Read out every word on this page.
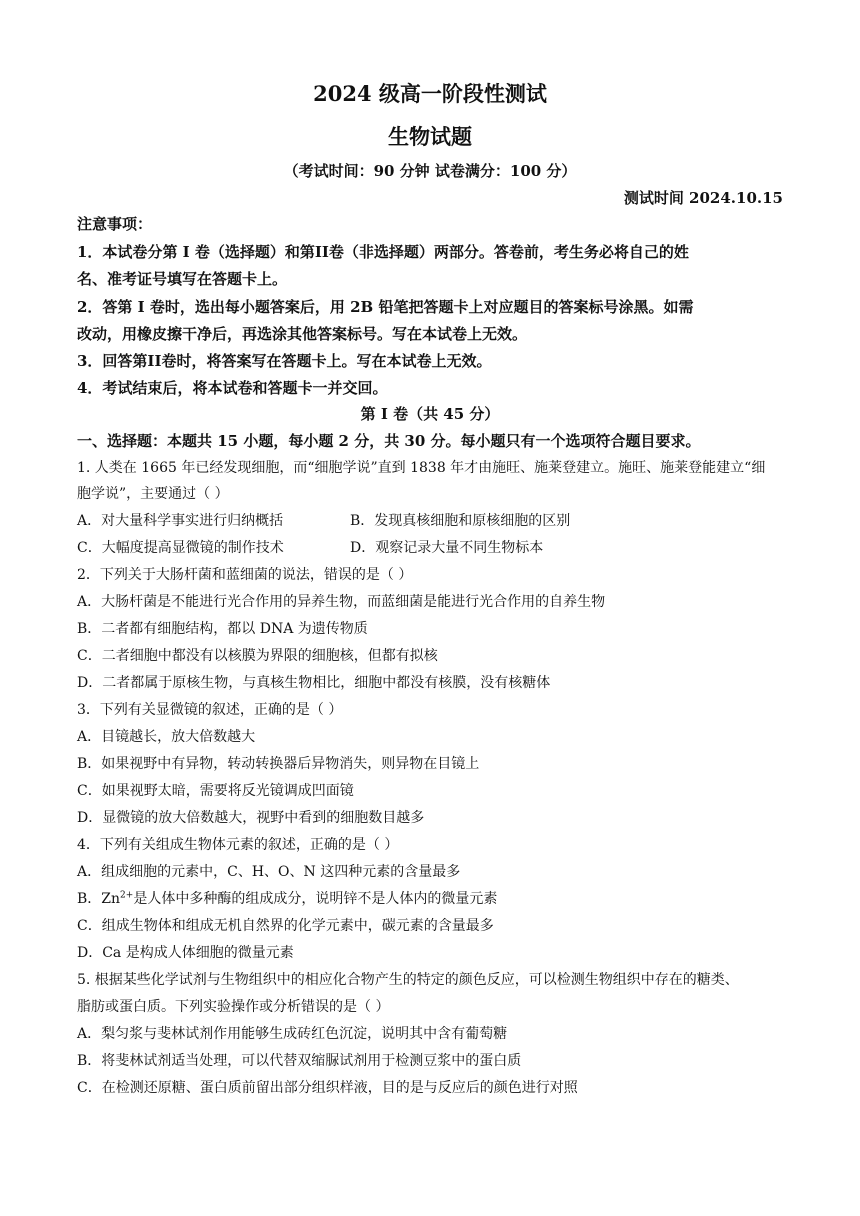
2024 级高一阶段性测试
生物试题
（考试时间：90 分钟 试卷满分：100 分）
测试时间 2024.10.15
注意事项：
1．本试卷分第 I 卷（选择题）和第II卷（非选择题）两部分。答卷前，考生务必将自己的姓
名、准考证号填写在答题卡上。
2．答第 I 卷时，选出每小题答案后，用 2B 铅笔把答题卡上对应题目的答案标号涂黑。如需
改动，用橡皮擦干净后，再选涂其他答案标号。写在本试卷上无效。
3．回答第II卷时，将答案写在答题卡上。写在本试卷上无效。
4．考试结束后，将本试卷和答题卡一并交回。
第 I 卷（共 45 分）
一、选择题：本题共 15 小题，每小题 2 分，共 30 分。每小题只有一个选项符合题目要求。
1. 人类在 1665 年已经发现细胞，而“细胞学说”直到 1838 年才由施旺、施莱登建立。施旺、施莱登能建立“细
胞学说”，主要通过（ ）
A．对大量科学事实进行归纳概括	B．发现真核细胞和原核细胞的区别
C．大幅度提高显微镜的制作技术	D．观察记录大量不同生物标本
2．下列关于大肠杆菌和蓝细菌的说法，错误的是（ ）
A．大肠杆菌是不能进行光合作用的异养生物，而蓝细菌是能进行光合作用的自养生物
B．二者都有细胞结构，都以 DNA 为遗传物质
C．二者细胞中都没有以核膜为界限的细胞核，但都有拟核
D．二者都属于原核生物，与真核生物相比，细胞中都没有核膜，没有核糖体
3．下列有关显微镜的叙述，正确的是（ ）
A．目镜越长，放大倍数越大
B．如果视野中有异物，转动转换器后异物消失，则异物在目镜上
C．如果视野太暗，需要将反光镜调成凹面镜
D．显微镜的放大倍数越大，视野中看到的细胞数目越多
4．下列有关组成生物体元素的叙述，正确的是（ ）
A．组成细胞的元素中，C、H、O、N 这四种元素的含量最多
B．$Zn^{2+}$是人体中多种酶的组成成分，说明锌不是人体内的微量元素
C．组成生物体和组成无机自然界的化学元素中，碳元素的含量最多
D．Ca 是构成人体细胞的微量元素
5. 根据某些化学试剂与生物组织中的相应化合物产生的特定的颜色反应，可以检测生物组织中存在的糖类、
脂肪或蛋白质。下列实验操作或分析错误的是（ ）
A．梨匀浆与斐林试剂作用能够生成砖红色沉淀，说明其中含有葡萄糖
B．将斐林试剂适当处理，可以代替双缩脲试剂用于检测豆浆中的蛋白质
C．在检测还原糖、蛋白质前留出部分组织样液，目的是与反应后的颜色进行对照
